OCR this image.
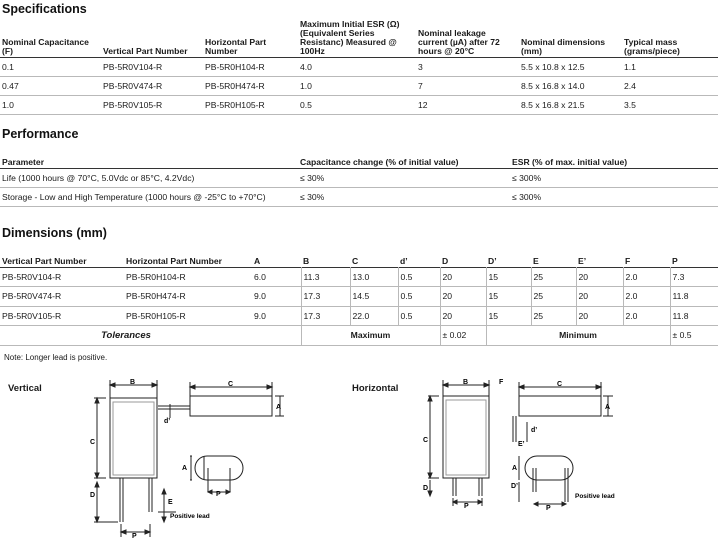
Specifications
Nominal Capacitance (F)	Vertical Part Number	Horizontal Part Number	Maximum Initial ESR (Ω) (Equivalent Series Resistanc) Measured @ 100Hz	Nominal leakage current (µA) after 72 hours @ 20°C	Nominal dimensions (mm)	Typical mass (grams/piece)
0.1	PB-5R0V104-R	PB-5R0H104-R	4.0	3	5.5 x 10.8 x 12.5	1.1
0.47	PB-5R0V474-R	PB-5R0H474-R	1.0	7	8.5 x 16.8 x 14.0	2.4
1.0	PB-5R0V105-R	PB-5R0H105-R	0.5	12	8.5 x 16.8 x 21.5	3.5
Performance
Parameter	Capacitance change (% of initial value)	ESR (% of max. initial value)
Life (1000 hours @ 70°C, 5.0Vdc or 85°C, 4.2Vdc)	≤ 30%	≤ 300%
Storage - Low and High Temperature (1000 hours @ -25°C to +70°C)	≤ 30%	≤ 300%
Dimensions (mm)
Vertical Part Number	Horizontal Part Number	A	B	C	d’	D	D’	E	E’	F	P
PB-5R0V104-R	PB-5R0H104-R	6.0	11.3	13.0	0.5	20	15	25	20	2.0	7.3
PB-5R0V474-R	PB-5R0H474-R	9.0	17.3	14.5	0.5	20	15	25	20	2.0	11.8
PB-5R0V105-R	PB-5R0H105-R	9.0	17.3	22.0	0.5	20	15	25	20	2.0	11.8
Tolerances			Maximum			± 0.02	Minimum				± 0.5
Note: Longer lead is positive.
Vertical	Horizontal
B	C
A
d’
C
D
E
P
A
P
Positive lead
B	F	C
A
d’
E’
C
D	D’
A
P	P
Positive lead
